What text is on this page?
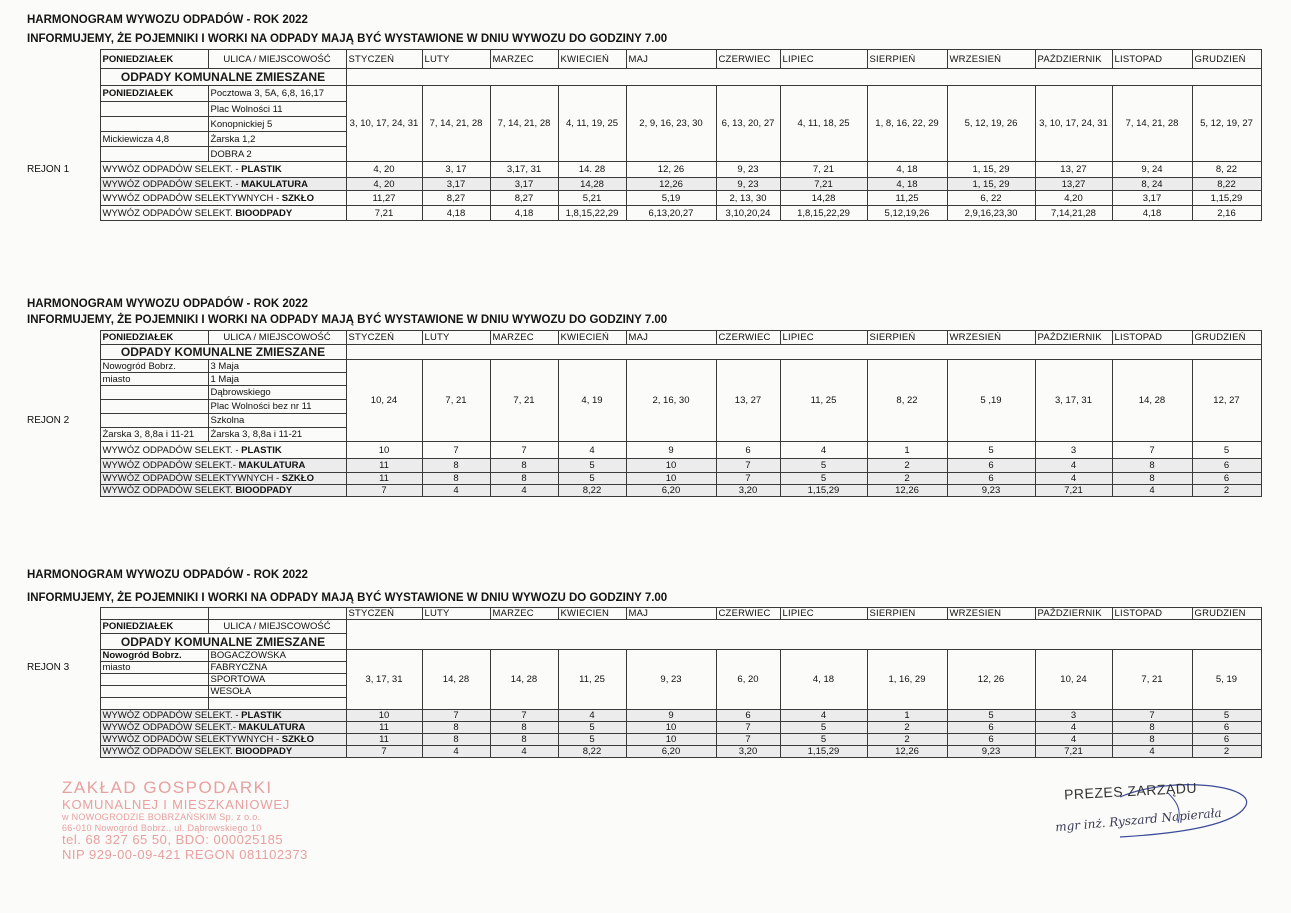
HARMONOGRAM WYWOZU ODPADÓW - ROK 2022
INFORMUJEMY, ŻE POJEMNIKI I WORKI NA ODPADY MAJĄ BYĆ WYSTAWIONE W DNIU WYWOZU DO GODZINY 7.00
	PONIEDZIAŁEK	ULICA / MIEJSCOWOŚĆ	STYCZEŃ	LUTY	MARZEC	KWIECIEŃ	MAJ	CZERWIEC	LIPIEC	SIERPIEŃ	WRZESIEŃ	PAŹDZIERNIK	LISTOPAD	GRUDZIEŃ
	ODPADY KOMUNALNE ZMIESZANE													
	PONIEDZIAŁEK	Pocztowa 3, 5A, 6,8, 16,17	3, 10, 17, 24, 31	7, 14, 21, 28	7, 14, 21, 28	4, 11, 19, 25	2, 9, 16, 23, 30	6, 13, 20, 27	4, 11, 18, 25	1, 8, 16, 22, 29	5, 12, 19, 26	3, 10, 17, 24, 31	7, 14, 21, 28	5, 12, 19, 27
		Plac Wolności 11												
		Konopnickiej 5												
	Mickiewicza 4,8	Żarska 1,2												
		DOBRA 2												
REJON 1	WYWÓZ ODPADÓW SELEKT. - PLASTIK		4, 20	3, 17	3,17, 31	14. 28	12, 26	9, 23	7, 21	4, 18	1, 15, 29	13, 27	9, 24	8, 22
	WYWÓZ ODPADÓW SELEKT. - MAKULATURA		4, 20	3,17	3,17	14,28	12,26	9, 23	7,21	4, 18	1, 15, 29	13,27	8, 24	8,22
	WYWÓZ ODPADÓW SELEKTYWNYCH - SZKŁO		11,27	8,27	8,27	5,21	5,19	2, 13, 30	14,28	11,25	6, 22	4,20	3,17	1,15,29
	WYWÓZ ODPADÓW SELEKT. BIOODPADY		7,21	4,18	4,18	1,8,15,22,29	6,13,20,27	3,10,20,24	1,8,15,22,29	5,12,19,26	2,9,16,23,30	7,14,21,28	4,18	2,16
HARMONOGRAM WYWOZU ODPADÓW - ROK 2022
INFORMUJEMY, ŻE POJEMNIKI I WORKI NA ODPADY MAJĄ BYĆ WYSTAWIONE W DNIU WYWOZU DO GODZINY 7.00
	PONIEDZIAŁEK	ULICA / MIEJSCOWOŚĆ	STYCZEŃ	LUTY	MARZEC	KWIECIEŃ	MAJ	CZERWIEC	LIPIEC	SIERPIEŃ	WRZESIEŃ	PAŹDZIERNIK	LISTOPAD	GRUDZIEŃ
	ODPADY KOMUNALNE ZMIESZANE													
	Nowogród Bobrz.	3 Maja	10, 24	7, 21	7, 21	4, 19	2, 16, 30	13, 27	11, 25	8, 22	5 ,19	3, 17, 31	14, 28	12, 27
	miasto	1 Maja												
		Dąbrowskiego												
		Plac Wolności bez nr 11												
REJON 2		Szkolna												
	Żarska 3, 8,8a i 11-21	Żarska 3, 8,8a i 11-21												
	WYWÓZ ODPADÓW SELEKT. - PLASTIK		10	7	7	4	9	6	4	1	5	3	7	5
	WYWÓZ ODPADÓW SELEKT.- MAKULATURA		11	8	8	5	10	7	5	2	6	4	8	6
	WYWÓZ ODPADÓW SELEKTYWNYCH - SZKŁO		11	8	8	5	10	7	5	2	6	4	8	6
	WYWÓZ ODPADÓW SELEKT. BIOODPADY		7	4	4	8,22	6,20	3,20	1,15,29	12,26	9,23	7,21	4	2
HARMONOGRAM WYWOZU ODPADÓW - ROK 2022
INFORMUJEMY, ŻE POJEMNIKI I WORKI NA ODPADY MAJĄ BYĆ WYSTAWIONE W DNIU WYWOZU DO GODZINY 7.00
			STYCZEŃ	LUTY	MARZEC	KWIECIEN	MAJ	CZERWIEC	LIPIEC	SIERPIEN	WRZESIEN	PAŹDZIERNIK	LISTOPAD	GRUDZIEN
	PONIEDZIAŁEK	ULICA / MIEJSCOWOŚĆ												
	ODPADY KOMUNALNE ZMIESZANE													
	Nowogród Bobrz.	BOGACZOWSKA	3, 17, 31	14, 28	14, 28	11, 25	9, 23	6, 20	4, 18	1, 16, 29	12, 26	10, 24	7, 21	5, 19
REJON 3	miasto	FABRYCZNA												
		SPORTOWA												
		WESOŁA												

	WYWÓZ ODPADÓW SELEKT. - PLASTIK		10	7	7	4	9	6	4	1	5	3	7	5
	WYWÓZ ODPADÓW SELEKT.- MAKULATURA		11	8	8	5	10	7	5	2	6	4	8	6
	WYWÓZ ODPADÓW SELEKTYWNYCH - SZKŁO		11	8	8	5	10	7	5	2	6	4	8	6
	WYWÓZ ODPADÓW SELEKT. BIOODPADY		7	4	4	8,22	6,20	3,20	1,15,29	12,26	9,23	7,21	4	2
ZAKŁAD GOSPODARKI
KOMUNALNEJ I MIESZKANIOWEJ
w NOWOGRODZIE BOBRZAŃSKIM Sp. z o.o.
66-010 Nowogród Bobrz., ul. Dąbrowskiego 10
tel. 68 327 65 50, BDO: 000025185
NIP 929-00-09-421 REGON 081102373
PREZES ZARZĄDU
mgr inż. Ryszard Napierała
